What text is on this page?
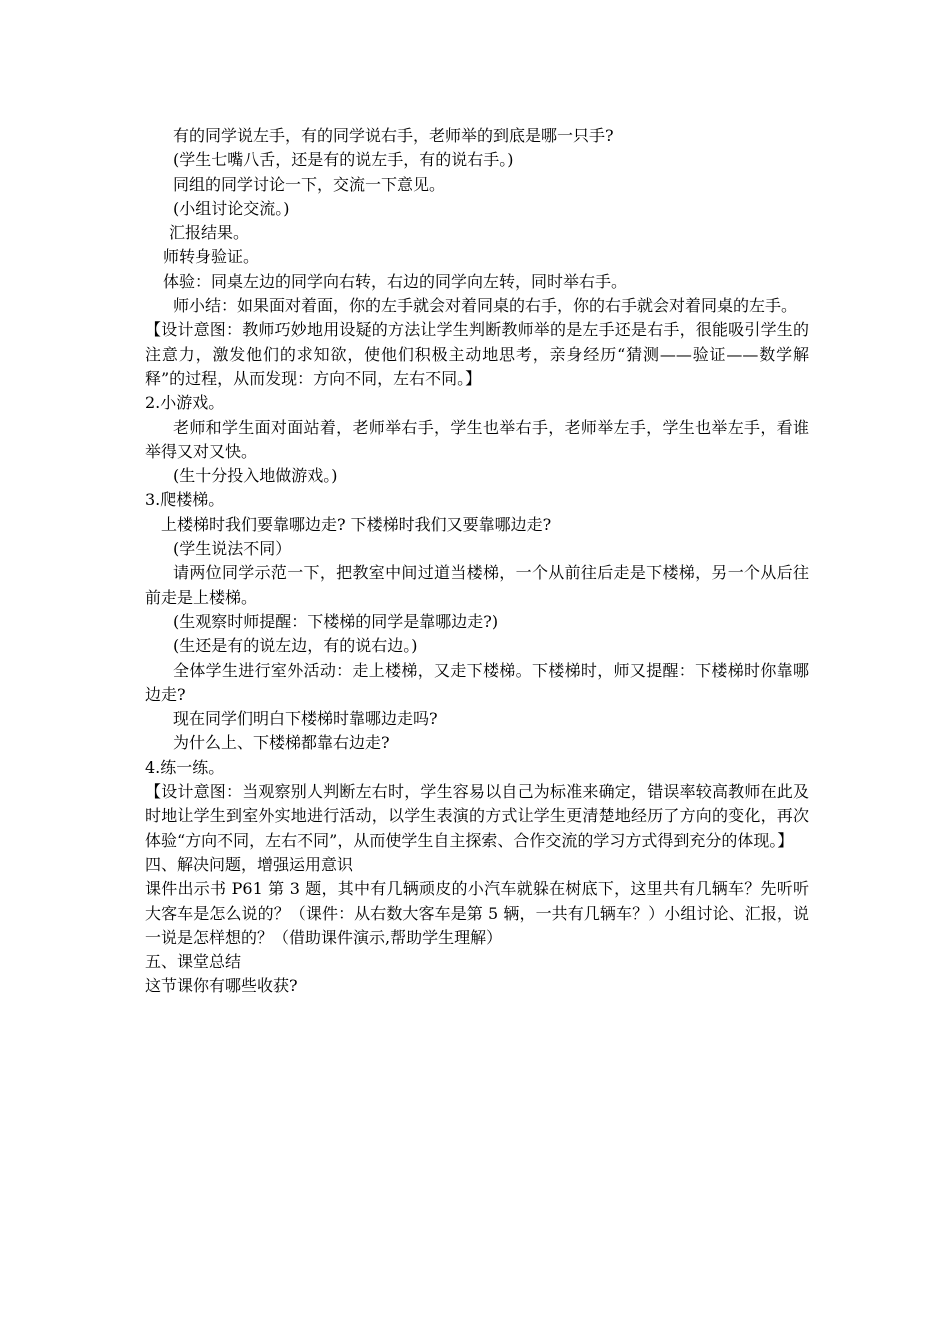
有的同学说左手，有的同学说右手，老师举的到底是哪一只手?

(学生七嘴八舌，还是有的说左手，有的说右手。)

同组的同学讨论一下，交流一下意见。

(小组讨论交流。)

汇报结果。

师转身验证。

体验：同桌左边的同学向右转，右边的同学向左转，同时举右手。

师小结：如果面对着面，你的左手就会对着同桌的右手，你的右手就会对着同桌的左手。

【设计意图：教师巧妙地用设疑的方法让学生判断教师举的是左手还是右手，很能吸引学生的注意力，激发他们的求知欲，使他们积极主动地思考，亲身经历“猜测——验证——数学解释”的过程，从而发现：方向不同，左右不同。】

2.小游戏。

老师和学生面对面站着，老师举右手，学生也举右手，老师举左手，学生也举左手，看谁举得又对又快。

(生十分投入地做游戏。)

3.爬楼梯。

上楼梯时我们要靠哪边走? 下楼梯时我们又要靠哪边走?

(学生说法不同）

请两位同学示范一下，把教室中间过道当楼梯，一个从前往后走是下楼梯，另一个从后往前走是上楼梯。

(生观察时师提醒：下楼梯的同学是靠哪边走?)

(生还是有的说左边，有的说右边。)

全体学生进行室外活动：走上楼梯，又走下楼梯。下楼梯时，师又提醒：下楼梯时你靠哪边走?

现在同学们明白下楼梯时靠哪边走吗?

为什么上、下楼梯都靠右边走?

4.练一练。

【设计意图：当观察别人判断左右时，学生容易以自己为标准来确定，错误率较高教师在此及时地让学生到室外实地进行活动，以学生表演的方式让学生更清楚地经历了方向的变化，再次体验“方向不同，左右不同”，从而使学生自主探索、合作交流的学习方式得到充分的体现。】

四、解决问题，增强运用意识

课件出示书 P61 第 3 题，其中有几辆顽皮的小汽车就躲在树底下，这里共有几辆车？先听听大客车是怎么说的？（课件：从右数大客车是第 5 辆，一共有几辆车？）小组讨论、汇报，说一说是怎样想的？（借助课件演示,帮助学生理解）

五、课堂总结

这节课你有哪些收获?
